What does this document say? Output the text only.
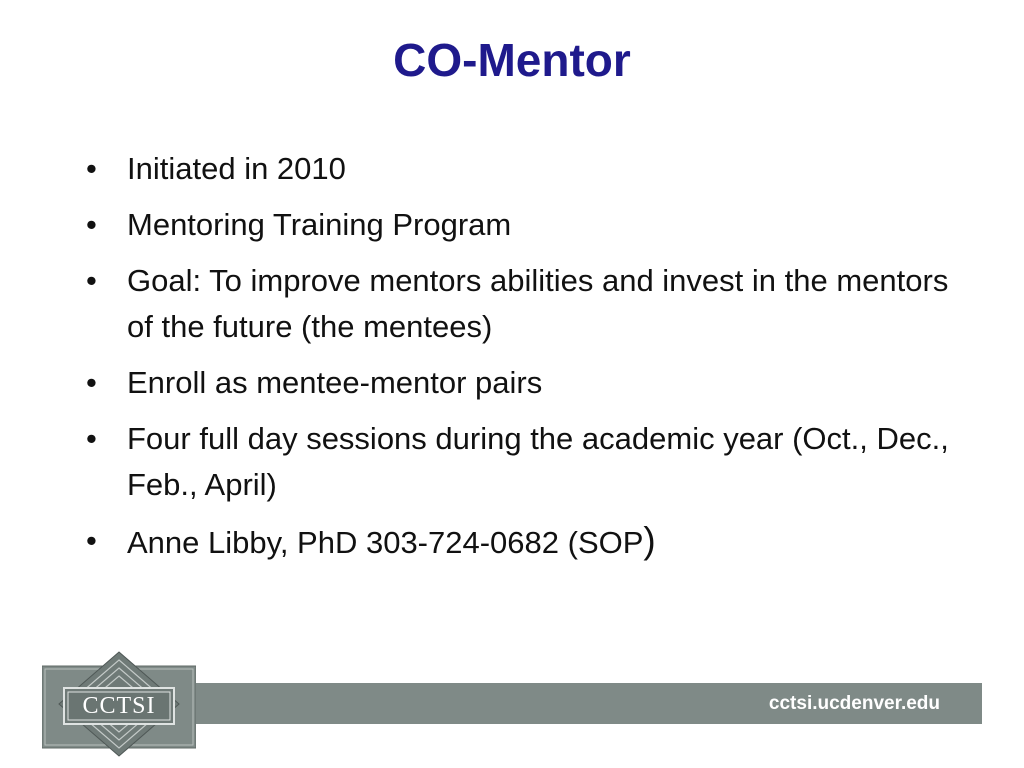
CO-Mentor
• Initiated in 2010
• Mentoring Training Program
• Goal: To improve mentors abilities and invest in the mentors of the future (the mentees)
• Enroll as mentee-mentor pairs
• Four full day sessions during the academic year (Oct., Dec., Feb., April)
• Anne Libby, PhD 303-724-0682 (SOP)
cctsi.ucdenver.edu
CCTSI
